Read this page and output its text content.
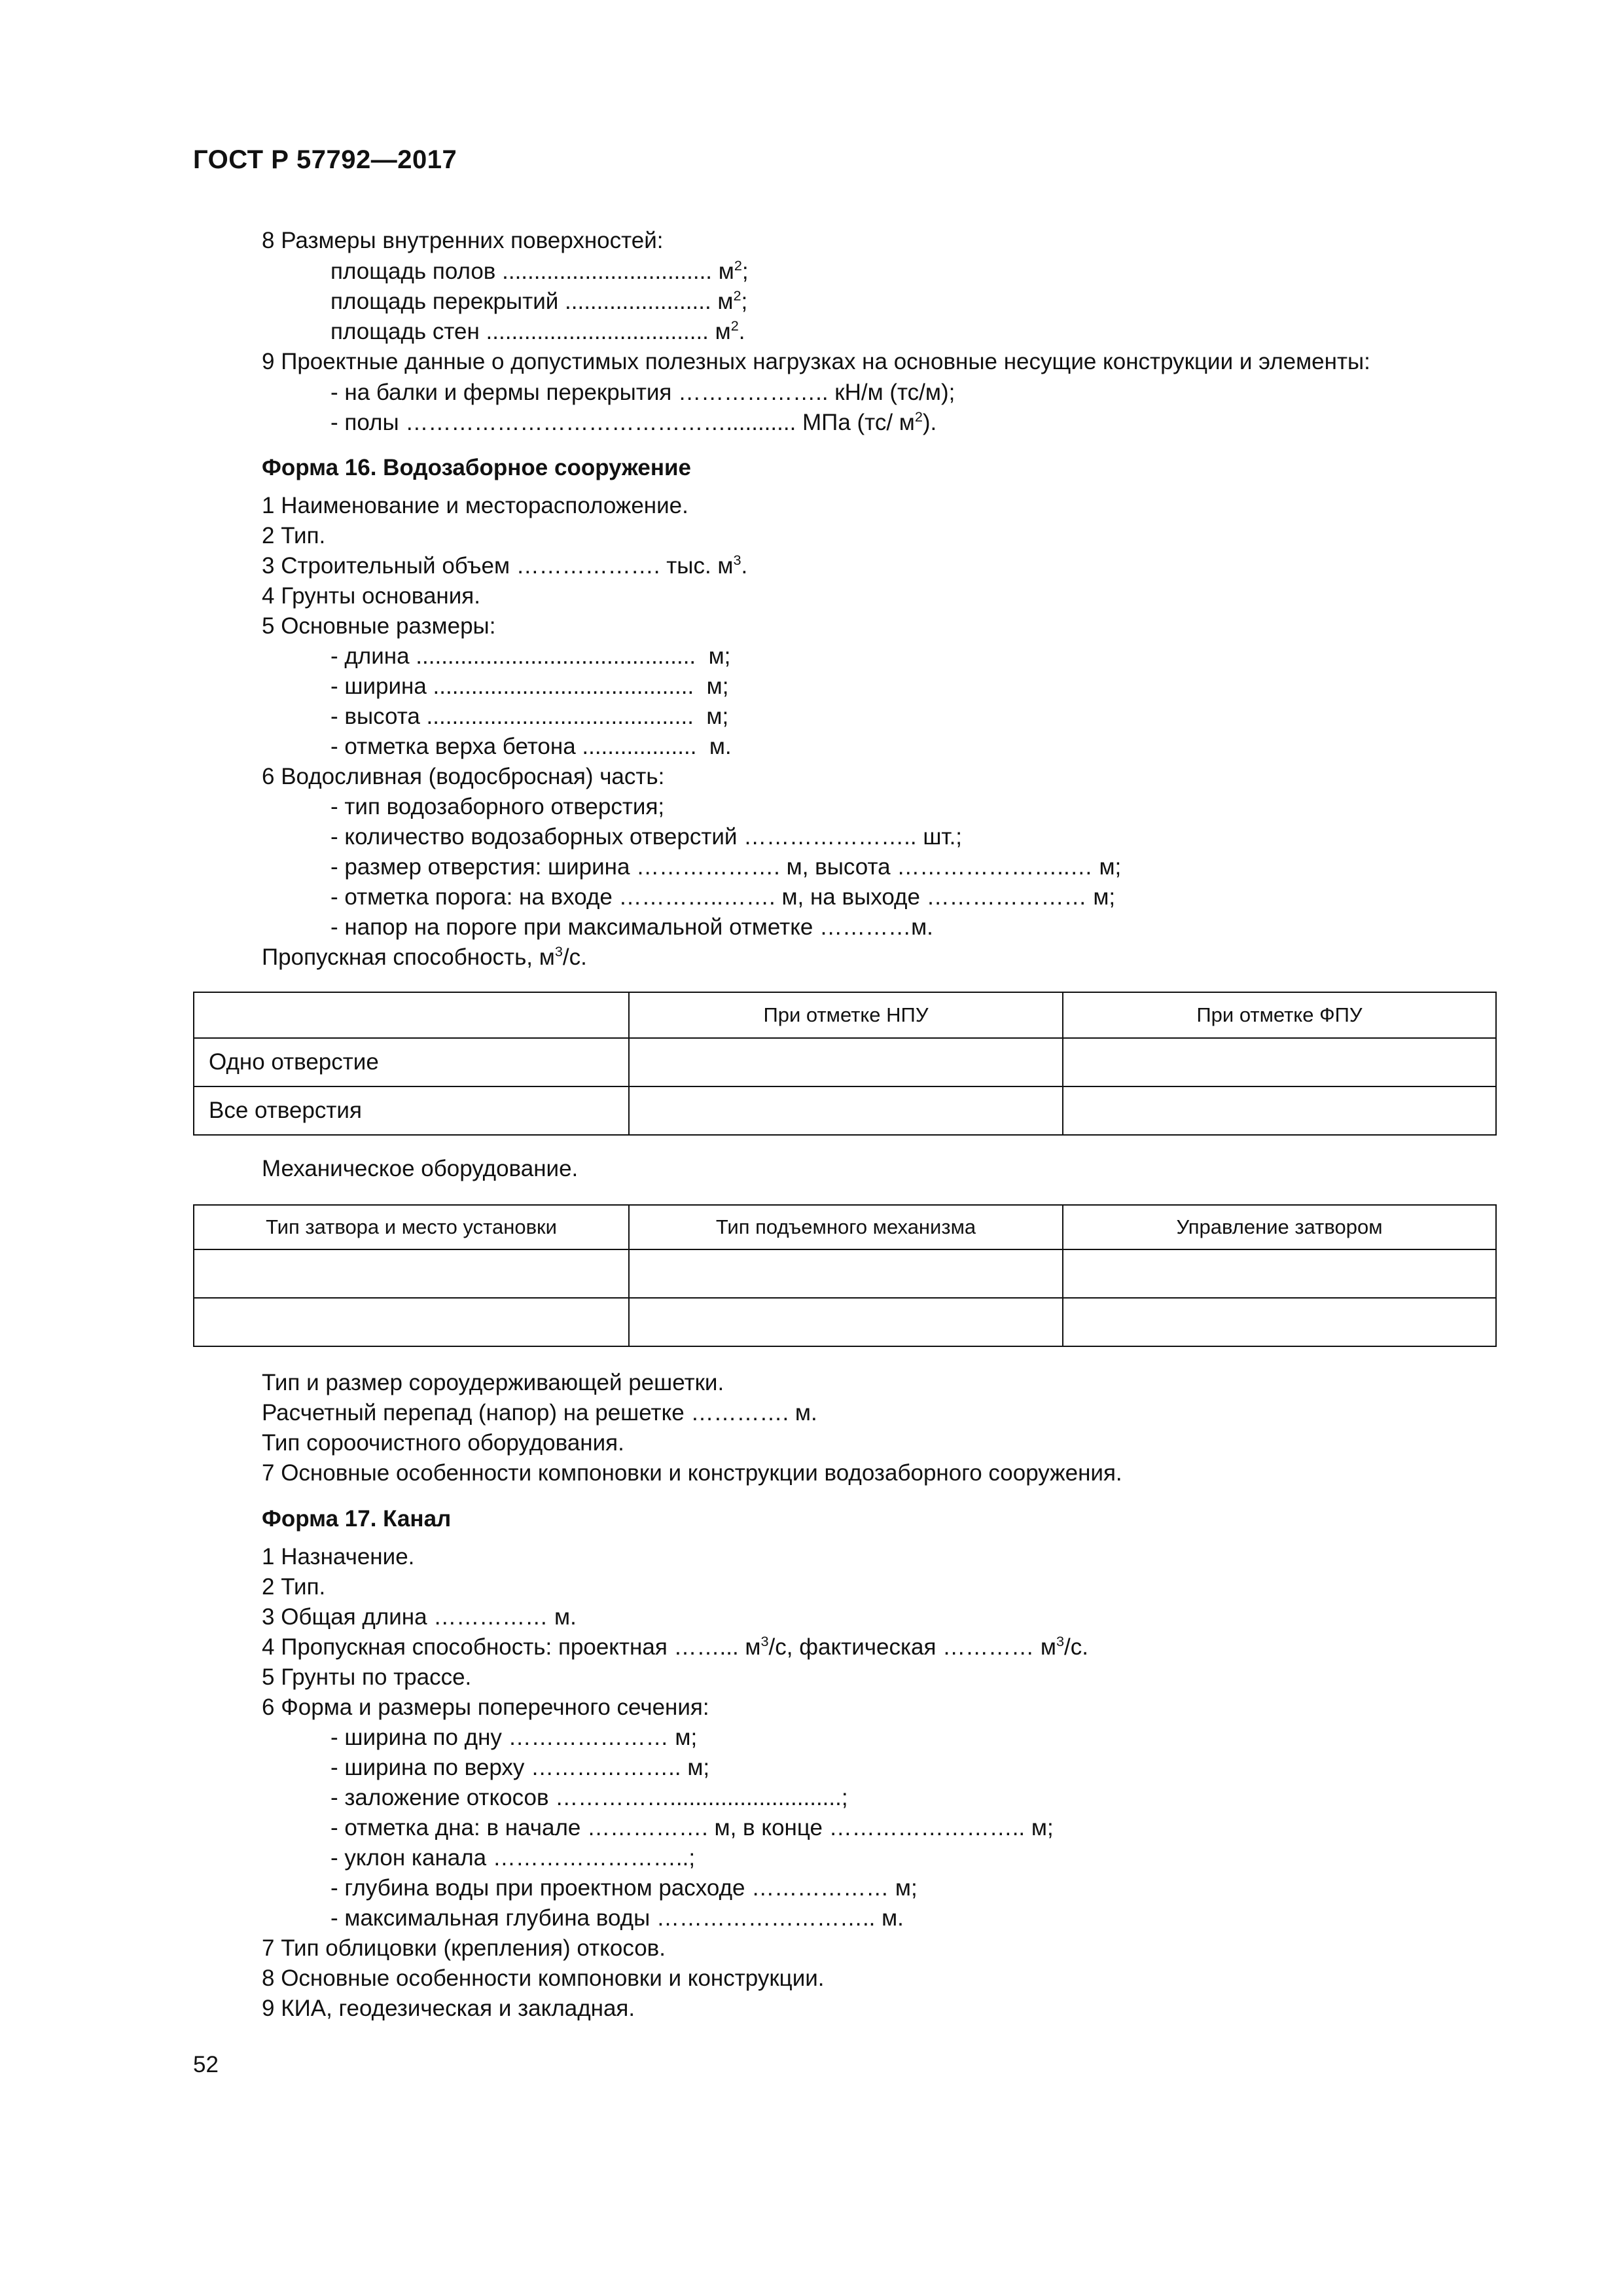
ГОСТ Р 57792—2017
8 Размеры внутренних поверхностей:
площадь полов ................................. $м^2$;
площадь перекрытий ....................... $м^2$;
площадь стен ................................... $м^2$.
9 Проектные данные о допустимых полезных нагрузках на основные несущие конструкции и элементы:
- на балки и фермы перекрытия ……………….. кН/м (тс/м);
- полы ……………………………………........... МПа (тс/ $м^2$).
Форма 16. Водозаборное сооружение
1 Наименование и месторасположение.
2 Тип.
3 Строительный объем ………………. тыс. $м^3$.
4 Грунты основания.
5 Основные размеры:
- длина ............................................  м;
- ширина .........................................  м;
- высота ..........................................  м;
- отметка верха бетона ..................  м.
6 Водосливная (водосбросная) часть:
- тип водозаборного отверстия;
- количество водозаборных отверстий ………………….. шт.;
- размер отверстия: ширина ………………. м, высота …………………..… м;
- отметка порога: на входе …………..……. м, на выходе ………………… м;
- напор на пороге при максимальной отметке …………м.
Пропускная способность, $м^3/с$.
	При отметке НПУ	При отметке ФПУ
Одно отверстие		
Все отверстия		
Механическое оборудование.
Тип затвора и место установки	Тип подъемного механизма	Управление затвором

Тип и размер сороудерживающей решетки.
Расчетный перепад (напор) на решетке …………. м.
Тип сороочистного оборудования.
7 Основные особенности компоновки и конструкции водозаборного сооружения.
Форма 17. Канал
1 Назначение.
2 Тип.
3 Общая длина …………… м.
4 Пропускная способность: проектная ……... $м^3/с$, фактическая ………… $м^3/с$.
5 Грунты по трассе.
6 Форма и размеры поперечного сечения:
- ширина по дну ………………… м;
- ширина по верху ……………….. м;
- заложение откосов ……………...........................;
- отметка дна: в начале ……………. м, в конце …………………….. м;
- уклон канала ……………………..;
- глубина воды при проектном расходе ……………… м;
- максимальная глубина воды ……………………….. м.
7 Тип облицовки (крепления) откосов.
8 Основные особенности компоновки и конструкции.
9 КИА, геодезическая и закладная.
52
